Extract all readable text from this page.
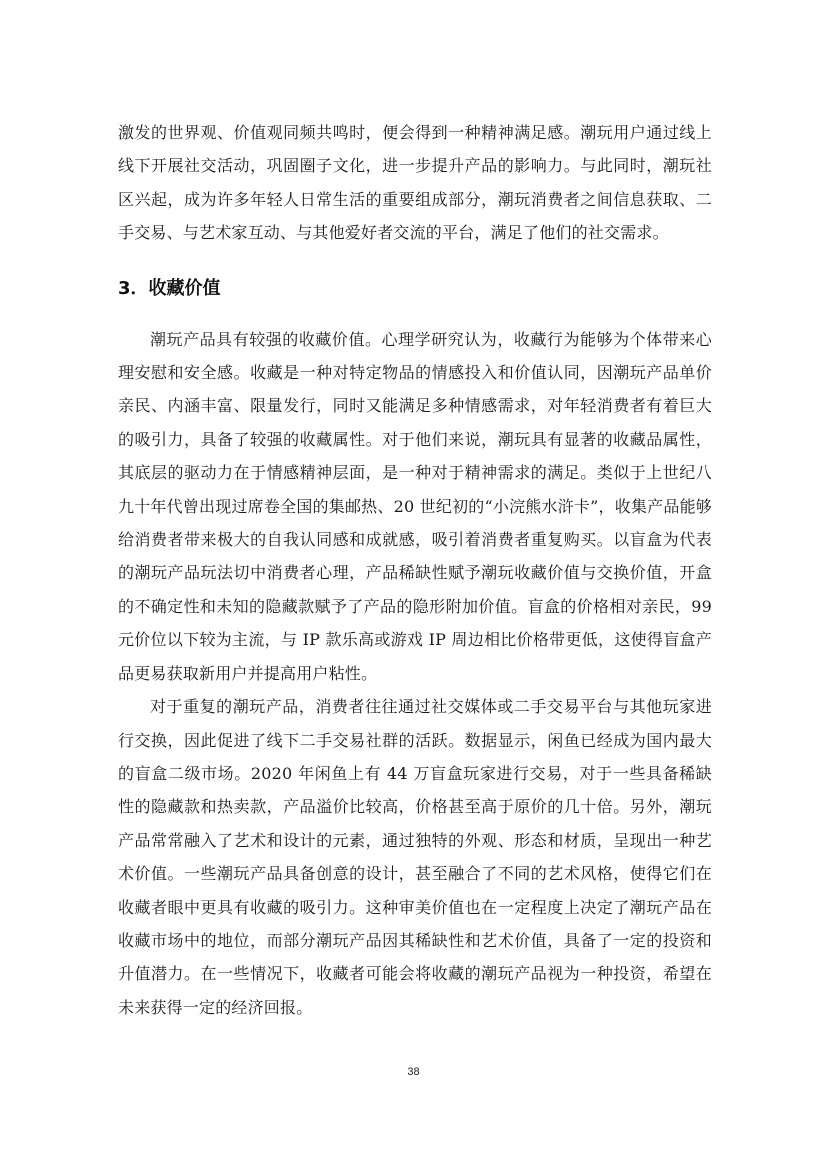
激发的世界观、价值观同频共鸣时，便会得到一种精神满足感。潮玩用户通过线上线下开展社交活动，巩固圈子文化，进一步提升产品的影响力。与此同时，潮玩社区兴起，成为许多年轻人日常生活的重要组成部分，潮玩消费者之间信息获取、二手交易、与艺术家互动、与其他爱好者交流的平台，满足了他们的社交需求。

3．收藏价值

潮玩产品具有较强的收藏价值。心理学研究认为，收藏行为能够为个体带来心理安慰和安全感。收藏是一种对特定物品的情感投入和价值认同，因潮玩产品单价亲民、内涵丰富、限量发行，同时又能满足多种情感需求，对年轻消费者有着巨大的吸引力，具备了较强的收藏属性。对于他们来说，潮玩具有显著的收藏品属性，其底层的驱动力在于情感精神层面，是一种对于精神需求的满足。类似于上世纪八九十年代曾出现过席卷全国的集邮热、20 世纪初的“小浣熊水浒卡”，收集产品能够给消费者带来极大的自我认同感和成就感，吸引着消费者重复购买。以盲盒为代表的潮玩产品玩法切中消费者心理，产品稀缺性赋予潮玩收藏价值与交换价值，开盒的不确定性和未知的隐藏款赋予了产品的隐形附加价值。盲盒的价格相对亲民，99 元价位以下较为主流，与 IP 款乐高或游戏 IP 周边相比价格带更低，这使得盲盒产品更易获取新用户并提高用户粘性。

对于重复的潮玩产品，消费者往往通过社交媒体或二手交易平台与其他玩家进行交换，因此促进了线下二手交易社群的活跃。数据显示，闲鱼已经成为国内最大的盲盒二级市场。2020 年闲鱼上有 44 万盲盒玩家进行交易，对于一些具备稀缺性的隐藏款和热卖款，产品溢价比较高，价格甚至高于原价的几十倍。另外，潮玩产品常常融入了艺术和设计的元素，通过独特的外观、形态和材质，呈现出一种艺术价值。一些潮玩产品具备创意的设计，甚至融合了不同的艺术风格，使得它们在收藏者眼中更具有收藏的吸引力。这种审美价值也在一定程度上决定了潮玩产品在收藏市场中的地位，而部分潮玩产品因其稀缺性和艺术价值，具备了一定的投资和升值潜力。在一些情况下，收藏者可能会将收藏的潮玩产品视为一种投资，希望在未来获得一定的经济回报。

38
